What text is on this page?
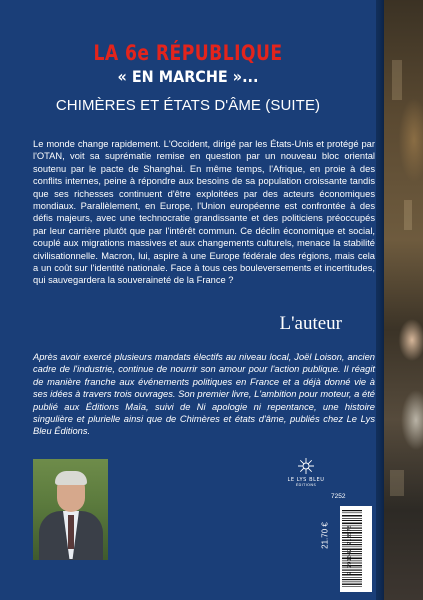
LA 6e RÉPUBLIQUE
« EN MARCHE »...
CHIMÈRES ET ÉTATS D'ÂME (SUITE)

Le monde change rapidement. L'Occident, dirigé par les États-Unis et protégé par l'OTAN, voit sa suprématie remise en question par un nouveau bloc oriental soutenu par le pacte de Shanghai. En même temps, l'Afrique, en proie à des conflits internes, peine à répondre aux besoins de sa population croissante tandis que ses richesses continuent d'être exploitées par des acteurs économiques mondiaux. Parallèlement, en Europe, l'Union européenne est confrontée à des défis majeurs, avec une technocratie grandissante et des politiciens préoccupés par leur carrière plutôt que par l'intérêt commun. Ce déclin économique et social, couplé aux migrations massives et aux changements culturels, menace la stabilité civilisationnelle. Macron, lui, aspire à une Europe fédérale des régions, mais cela a un coût sur l'identité nationale. Face à tous ces bouleversements et incertitudes, qui sauvegardera la souveraineté de la France ?

L'auteur

Après avoir exercé plusieurs mandats électifs au niveau local, Joël Loison, ancien cadre de l'industrie, continue de nourrir son amour pour l'action publique. Il réagit de manière franche aux événements politiques en France et a déjà donné vie à ses idées à travers trois ouvrages. Son premier livre, L'ambition pour moteur, a été publié aux Éditions Maïa, suivi de Ni apologie ni repentance, une histoire singulière et plurielle ainsi que de Chimères et états d'âme, publiés chez Le Lys Bleu Éditions.

LE LYS BLEU
ÉDITIONS
7252
21.70 €	9 791042 213578
